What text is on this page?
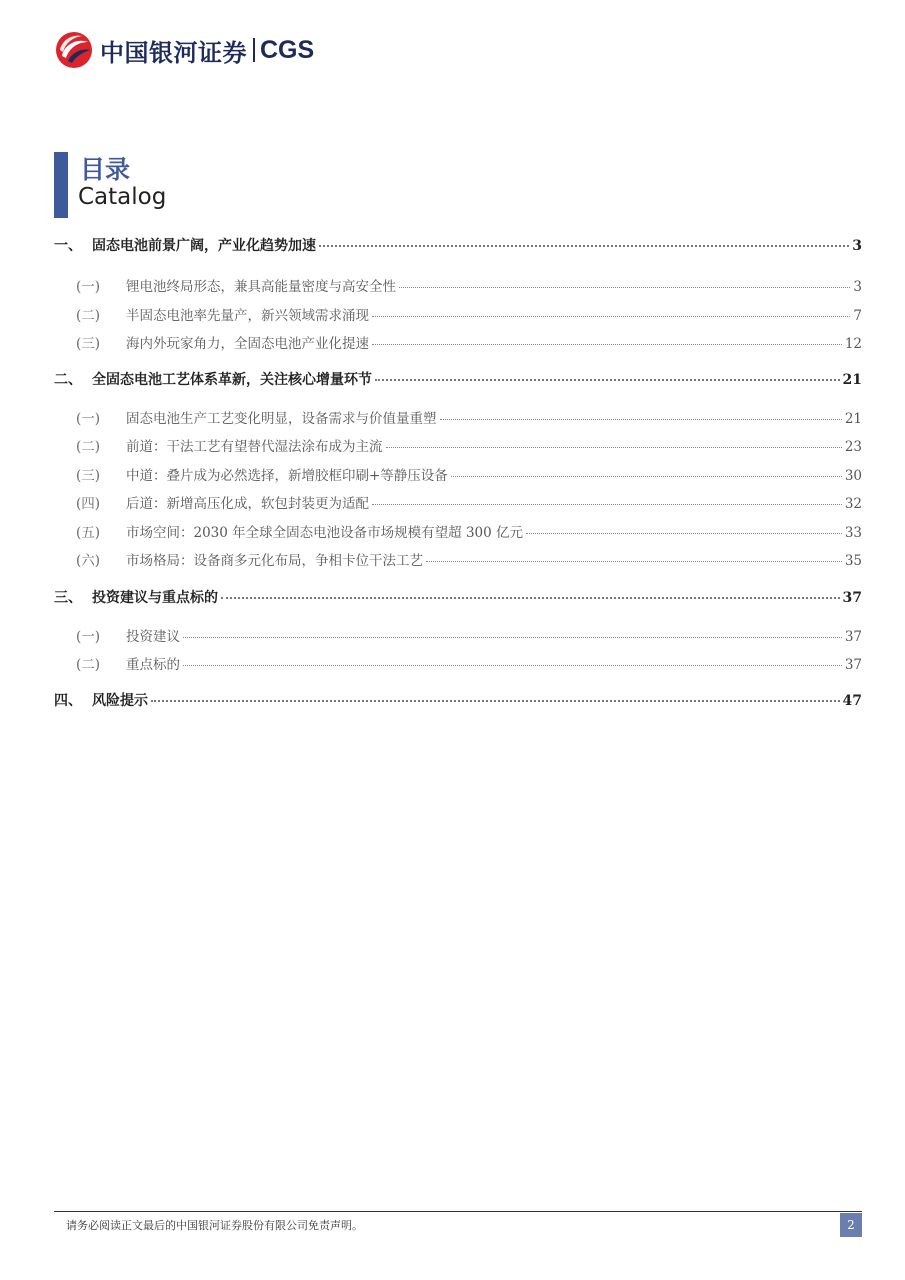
中国银河证券 CGS
目录
Catalog
一、 固态电池前景广阔，产业化趋势加速	3
(一)	锂电池终局形态，兼具高能量密度与高安全性	3
(二)	半固态电池率先量产，新兴领域需求涌现	7
(三)	海内外玩家角力，全固态电池产业化提速	12
二、 全固态电池工艺体系革新，关注核心增量环节	21
(一)	固态电池生产工艺变化明显，设备需求与价值量重塑	21
(二)	前道：干法工艺有望替代湿法涂布成为主流	23
(三)	中道：叠片成为必然选择，新增胶框印刷+等静压设备	30
(四)	后道：新增高压化成，软包封装更为适配	32
(五)	市场空间：2030 年全球全固态电池设备市场规模有望超 300 亿元	33
(六)	市场格局：设备商多元化布局，争相卡位干法工艺	35
三、 投资建议与重点标的	37
(一)	投资建议	37
(二)	重点标的	37
四、 风险提示	47
请务必阅读正文最后的中国银河证券股份有限公司免责声明。	2
